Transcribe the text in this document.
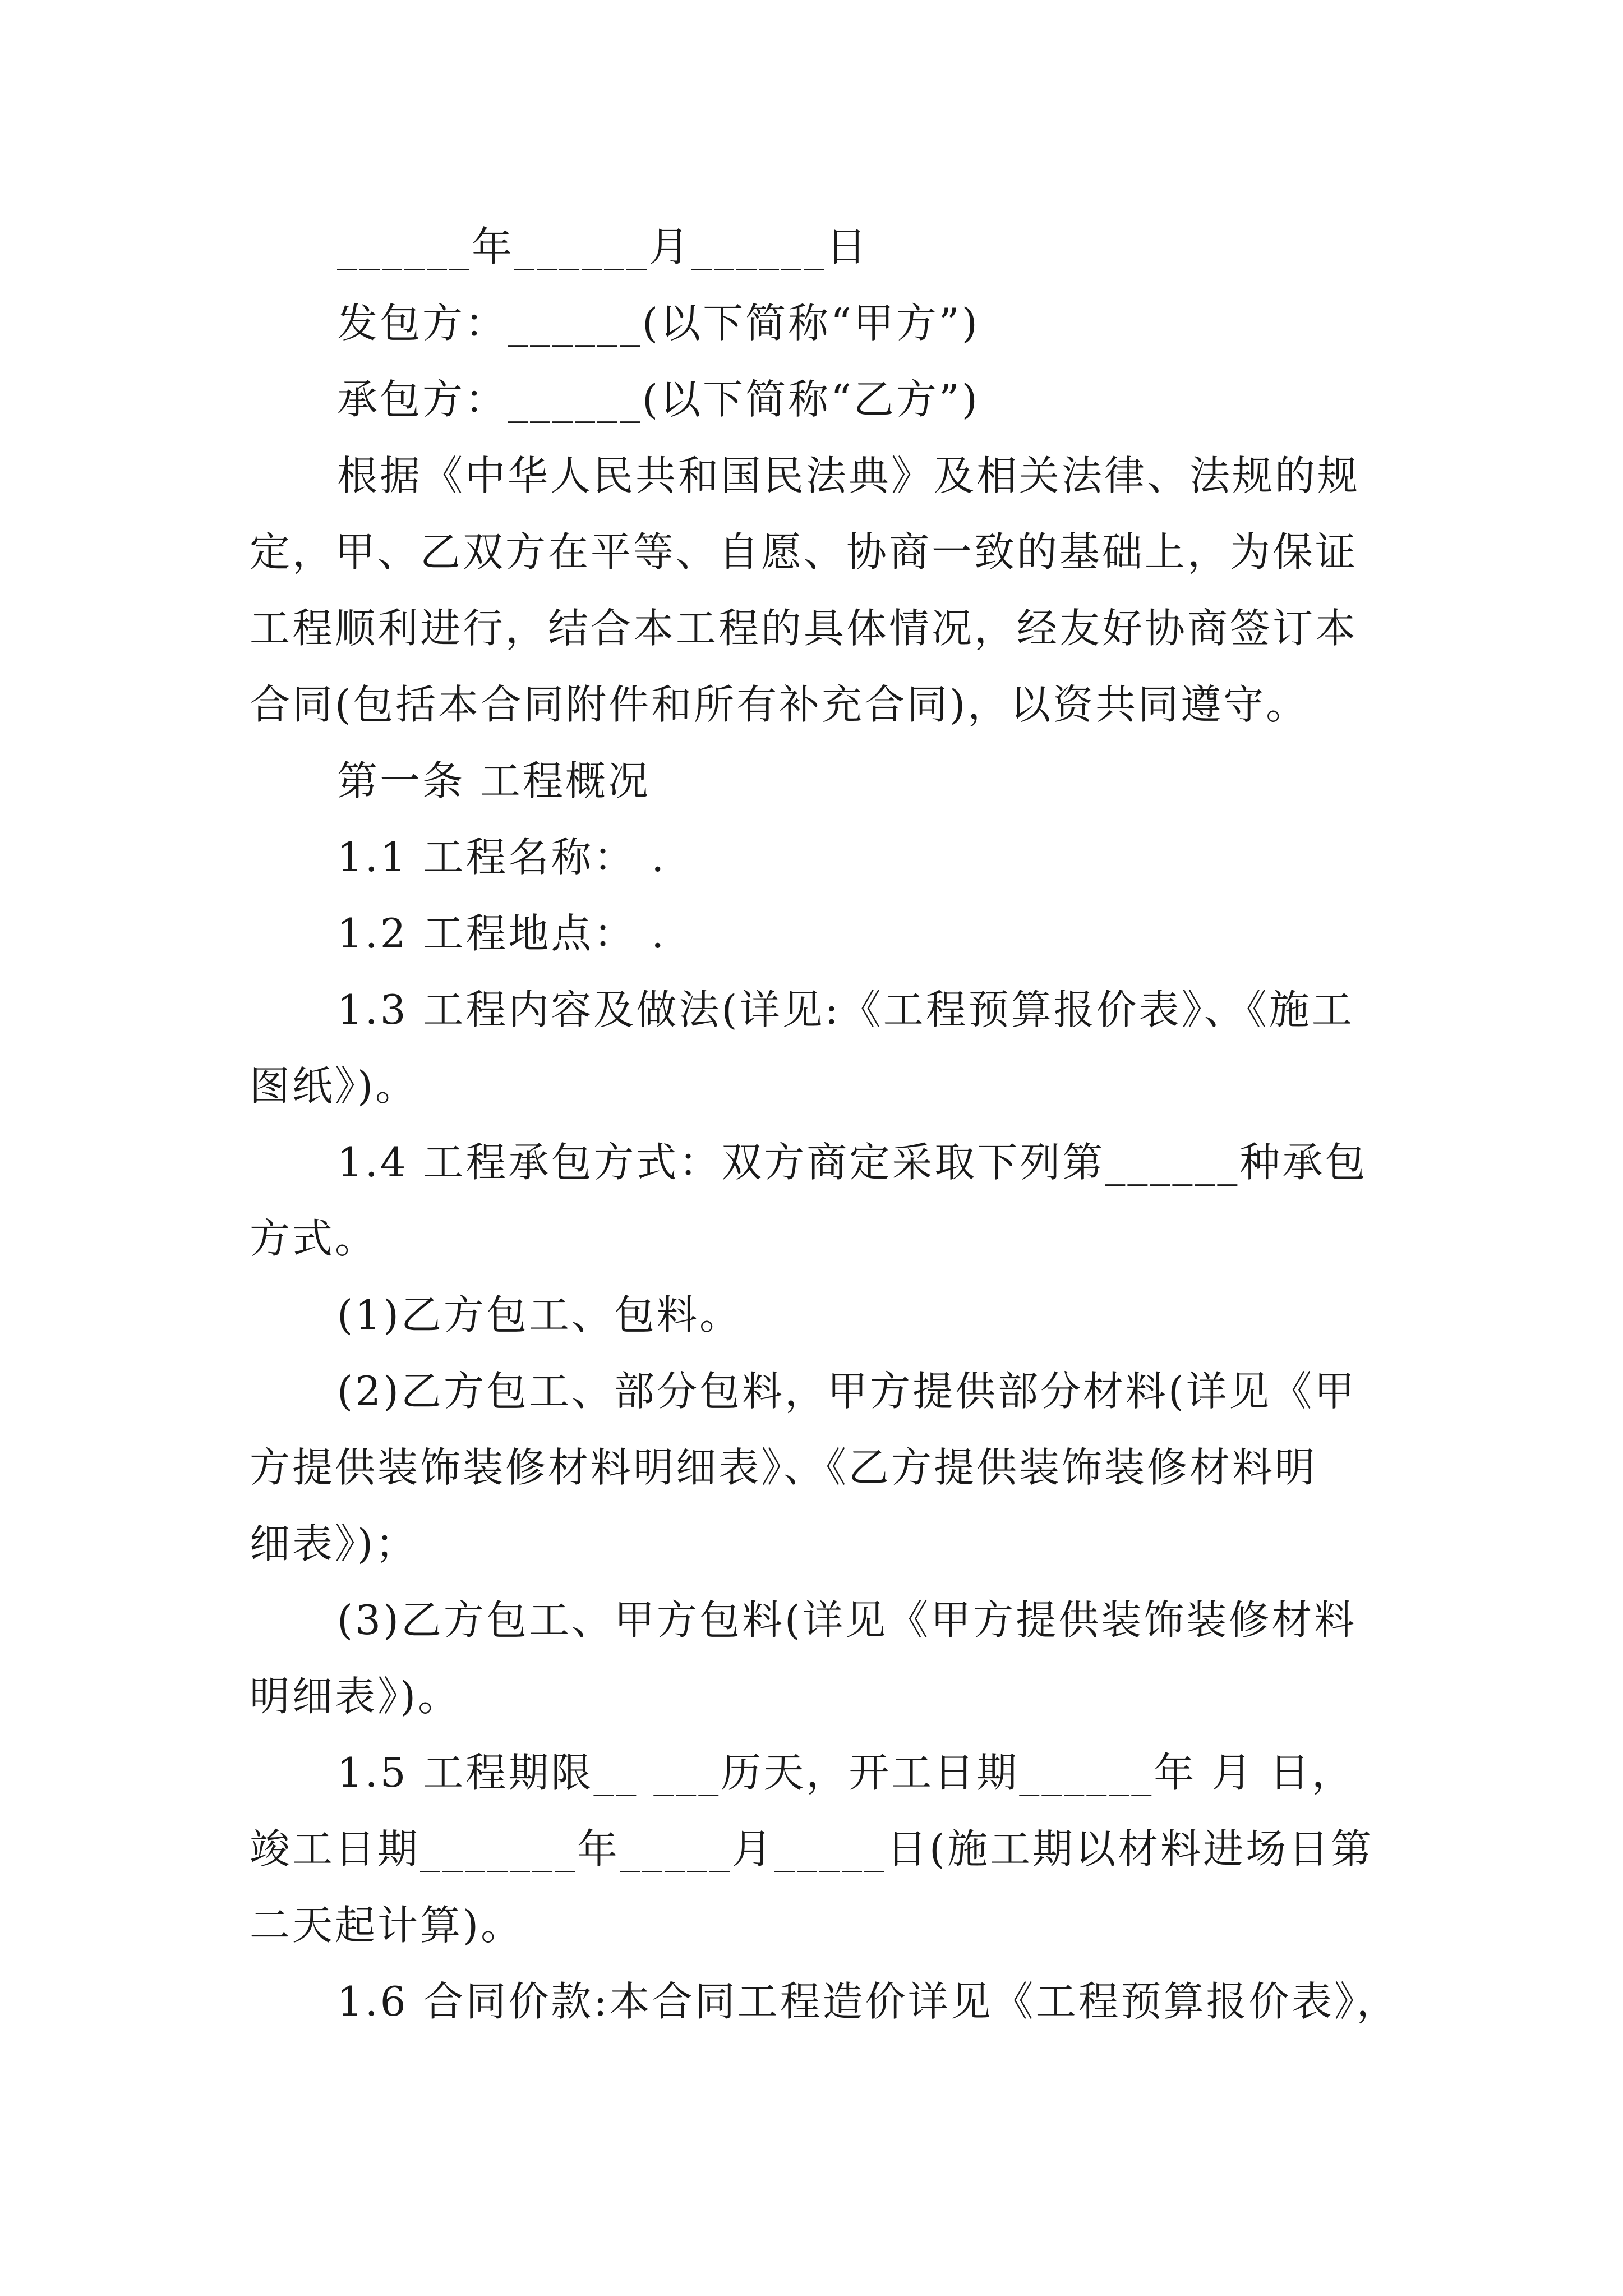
______年______月______日
发包方：______(以下简称“甲方”)
承包方：______(以下简称“乙方”)
根据《中华人民共和国民法典》及相关法律、法规的规
定，甲、乙双方在平等、自愿、协商一致的基础上，为保证
工程顺利进行，结合本工程的具体情况，经友好协商签订本
合同(包括本合同附件和所有补充合同)，以资共同遵守。
第一条 工程概况
1.1 工程名称： .
1.2 工程地点： .
1.3 工程内容及做法(详见:《工程预算报价表》、《施工
图纸》)。
1.4 工程承包方式：双方商定采取下列第______种承包
方式。
(1)乙方包工、包料。
(2)乙方包工、部分包料，甲方提供部分材料(详见《甲
方提供装饰装修材料明细表》、《乙方提供装饰装修材料明
细表》)；
(3)乙方包工、甲方包料(详见《甲方提供装饰装修材料
明细表》)。
1.5 工程期限__ ___历天，开工日期______年 月 日，
竣工日期_______年_____月_____日(施工期以材料进场日第
二天起计算)。
1.6 合同价款:本合同工程造价详见《工程预算报价表》，
